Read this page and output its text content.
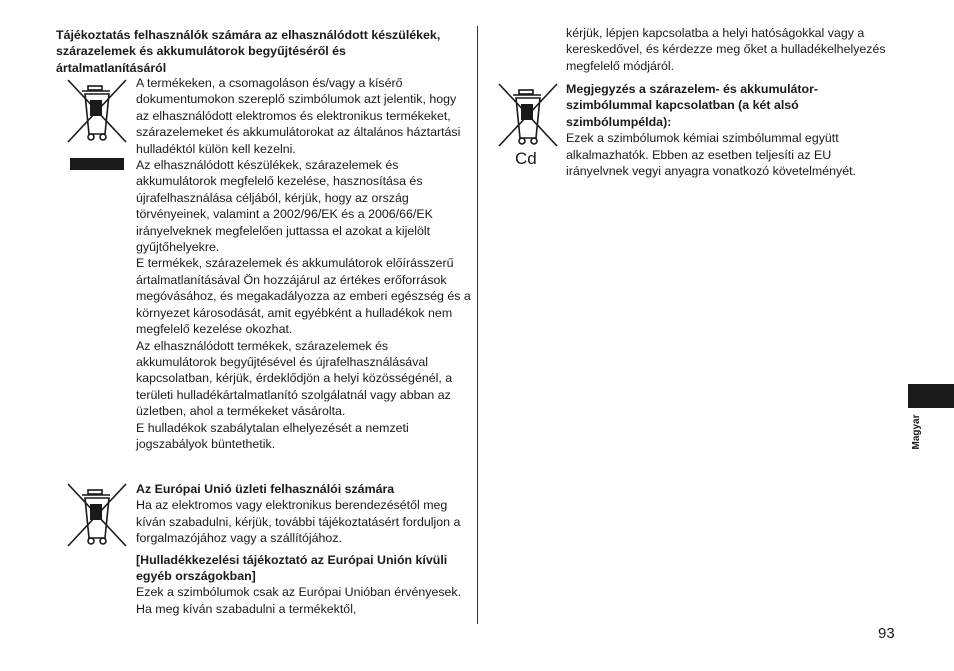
Tájékoztatás felhasználók számára az elhasználódott készülékek, szárazelemek és akkumulátorok begyűjtéséről és ártalmatlanításáról

A termékeken, a csomagoláson és/vagy a kísérő dokumentumokon szereplő szimbólumok azt jelentik, hogy az elhasználódott elektromos és elektronikus termékeket, szárazelemeket és akkumulátorokat az általános háztartási hulladéktól külön kell kezelni.

Az elhasználódott készülékek, szárazelemek és akkumulátorok megfelelő kezelése, hasznosítása és újrafelhasználása céljából, kérjük, hogy az ország törvényeinek, valamint a 2002/96/EK és a 2006/66/EK irányelveknek megfelelően juttassa el azokat a kijelölt gyűjtőhelyekre.

E termékek, szárazelemek és akkumulátorok előírásszerű ártalmatlanításával Ön hozzájárul az értékes erőforrások megóvásához, és megakadályozza az emberi egészség és a környezet károsodását, amit egyébként a hulladékok nem megfelelő kezelése okozhat.

Az elhasználódott termékek, szárazelemek és akkumulátorok begyűjtésével és újrafelhasználásával kapcsolatban, kérjük, érdeklődjön a helyi közösségénél, a területi hulladékártalmatlanító szolgálatnál vagy abban az üzletben, ahol a termékeket vásárolta.

E hulladékok szabálytalan elhelyezését a nemzeti jogszabályok büntethetik.

Az Európai Unió üzleti felhasználói számára

Ha az elektromos vagy elektronikus berendezésétől meg kíván szabadulni, kérjük, további tájékoztatásért forduljon a forgalmazójához vagy a szállítójához.

[Hulladékkezelési tájékoztató az Európai Unión kívüli egyéb országokban]

Ezek a szimbólumok csak az Európai Unióban érvényesek. Ha meg kíván szabadulni a termékektől,

kérjük, lépjen kapcsolatba a helyi hatóságokkal vagy a kereskedővel, és kérdezze meg őket a hulladékelhelyezés megfelelő módjáról.

Cd

Megjegyzés a szárazelem- és akkumulátor-szimbólummal kapcsolatban (a két alsó szimbólumpélda):

Ezek a szimbólumok kémiai szimbólummal együtt alkalmazhatók. Ebben az esetben teljesíti az EU irányelvnek vegyi anyagra vonatkozó követelményét.

Magyar
93
